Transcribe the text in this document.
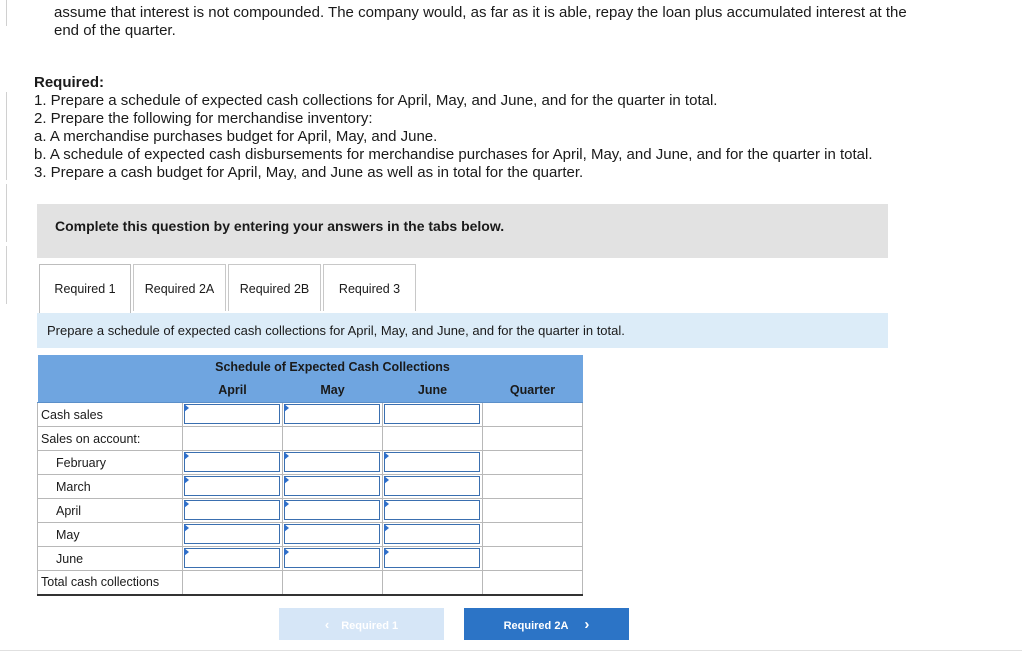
assume that interest is not compounded. The company would, as far as it is able, repay the loan plus accumulated interest at the
end of the quarter.
Required:
1. Prepare a schedule of expected cash collections for April, May, and June, and for the quarter in total.
2. Prepare the following for merchandise inventory:
a. A merchandise purchases budget for April, May, and June.
b. A schedule of expected cash disbursements for merchandise purchases for April, May, and June, and for the quarter in total.
3. Prepare a cash budget for April, May, and June as well as in total for the quarter.
Complete this question by entering your answers in the tabs below.
Required 1	Required 2A	Required 2B	Required 3
Prepare a schedule of expected cash collections for April, May, and June, and for the quarter in total.
	Schedule of Expected Cash Collections			
	April	May	June	Quarter
Cash sales	

Sales on account:				
February	

March	

April	

May	

June	

Total cash collections				
‹ Required 1	Required 2A ›
